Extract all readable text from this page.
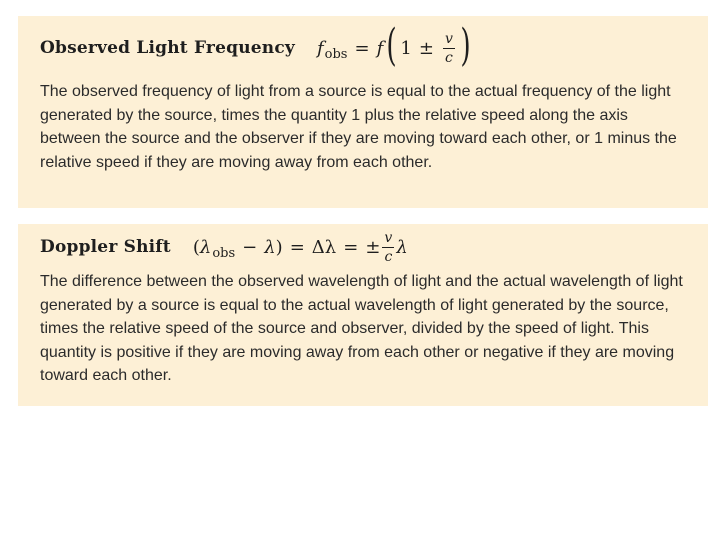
Observed Light Frequency f obs = f ( $1 \pm \frac{v}{c}$ )

The observed frequency of light from a source is equal to the actual frequency of the light generated by the source, times the quantity 1 plus the relative speed along the axis between the source and the observer if they are moving toward each other, or 1 minus the relative speed if they are moving away from each other.

Doppler Shift ( λ obs − λ ) = Δλ = ± $\frac{v}{c}$ λ

The difference between the observed wavelength of light and the actual wavelength of light generated by a source is equal to the actual wavelength of light generated by the source, times the relative speed of the source and observer, divided by the speed of light. This quantity is positive if they are moving away from each other or negative if they are moving toward each other.
